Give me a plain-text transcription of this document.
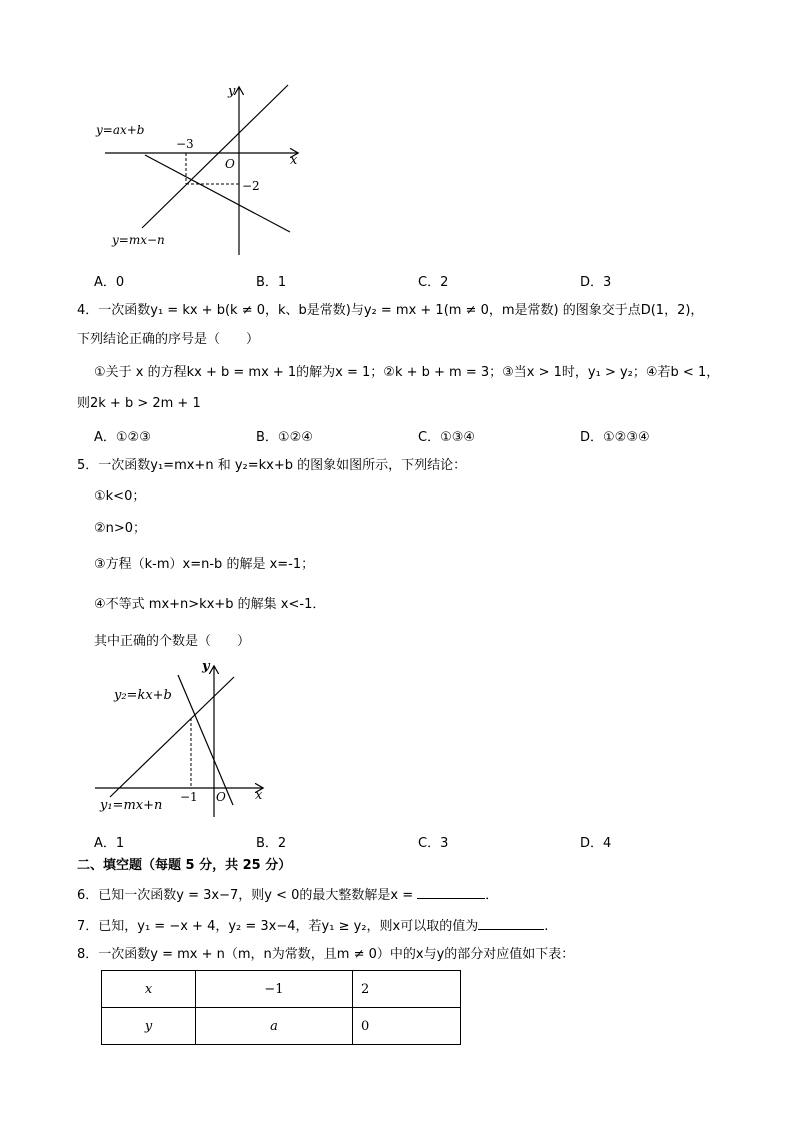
y
x
O
y=ax+b
y=mx−n
−3
−2
A．0	B．1	C．2	D．3
4．一次函数y₁ = kx + b(k ≠ 0，k、b是常数)与y₂ = mx + 1(m ≠ 0，m是常数) 的图象交于点D(1，2)，
下列结论正确的序号是（　　）
①关于 x 的方程kx + b = mx + 1的解为x = 1；②k + b + m = 3；③当x > 1时，y₁ > y₂；④若b < 1，
则2k + b > 2m + 1
A．①②③	B．①②④	C．①③④	D．①②③④
5．一次函数y₁=mx+n 和 y₂=kx+b 的图象如图所示，下列结论：
①k<0；
②n>0；
③方程（k-m）x=n-b 的解是 x=-1；
④不等式 mx+n>kx+b 的解集 x<-1．
其中正确的个数是（　　）
y
x
O
−1
y₂=kx+b
y₁=mx+n
A．1	B．2	C．3	D．4
二、填空题（每题 5 分，共 25 分）
6．已知一次函数y = 3x−7，则y < 0的最大整数解是x =	．
7．已知，y₁ = −x + 4，y₂ = 3x−4，若y₁ ≥ y₂，则x可以取的值为	.
8．一次函数y = mx + n（m，n为常数，且m ≠ 0）中的x与y的部分对应值如下表：
x	−1	2
y	a	0
